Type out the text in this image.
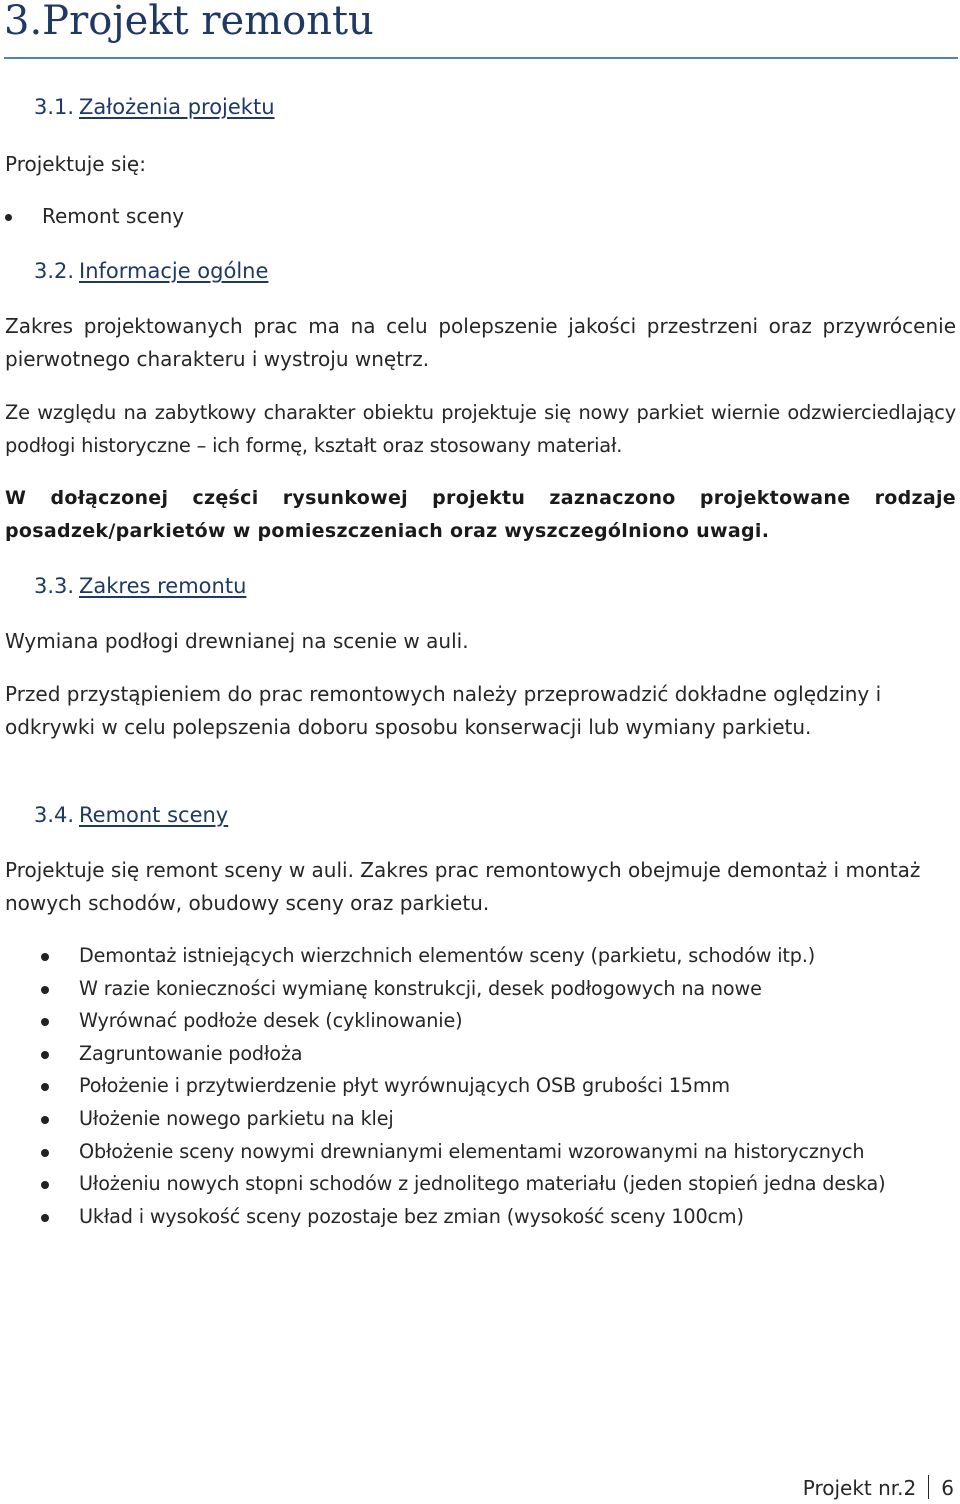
3.Projekt remontu
3.1. Założenia projektu

Projektuje się:

Remont sceny
3.2. Informacje ogólne

Zakres projektowanych prac ma na celu polepszenie jakości przestrzeni oraz przywrócenie pierwotnego charakteru i wystroju wnętrz.

Ze względu na zabytkowy charakter obiektu projektuje się nowy parkiet wiernie odzwierciedlający podłogi historyczne – ich formę, kształt oraz stosowany materiał.

W dołączonej części rysunkowej projektu zaznaczono projektowane rodzaje posadzek/parkietów w pomieszczeniach oraz wyszczególniono uwagi.

3.3. Zakres remontu

Wymiana podłogi drewnianej na scenie w auli.

Przed przystąpieniem do prac remontowych należy przeprowadzić dokładne oględziny i odkrywki w celu polepszenia doboru sposobu konserwacji lub wymiany parkietu.

3.4. Remont sceny

Projektuje się remont sceny w auli. Zakres prac remontowych obejmuje demontaż i montaż nowych schodów, obudowy sceny oraz parkietu.

Demontaż istniejących wierzchnich elementów sceny (parkietu, schodów itp.)
W razie konieczności wymianę konstrukcji, desek podłogowych na nowe
Wyrównać podłoże desek (cyklinowanie)
Zagruntowanie podłoża
Położenie i przytwierdzenie płyt wyrównujących OSB grubości 15mm
Ułożenie nowego parkietu na klej
Obłożenie sceny nowymi drewnianymi elementami wzorowanymi na historycznych
Ułożeniu nowych stopni schodów z jednolitego materiału (jeden stopień jedna deska)
Układ i wysokość sceny pozostaje bez zmian (wysokość sceny 100cm)
Projekt nr.2 6
